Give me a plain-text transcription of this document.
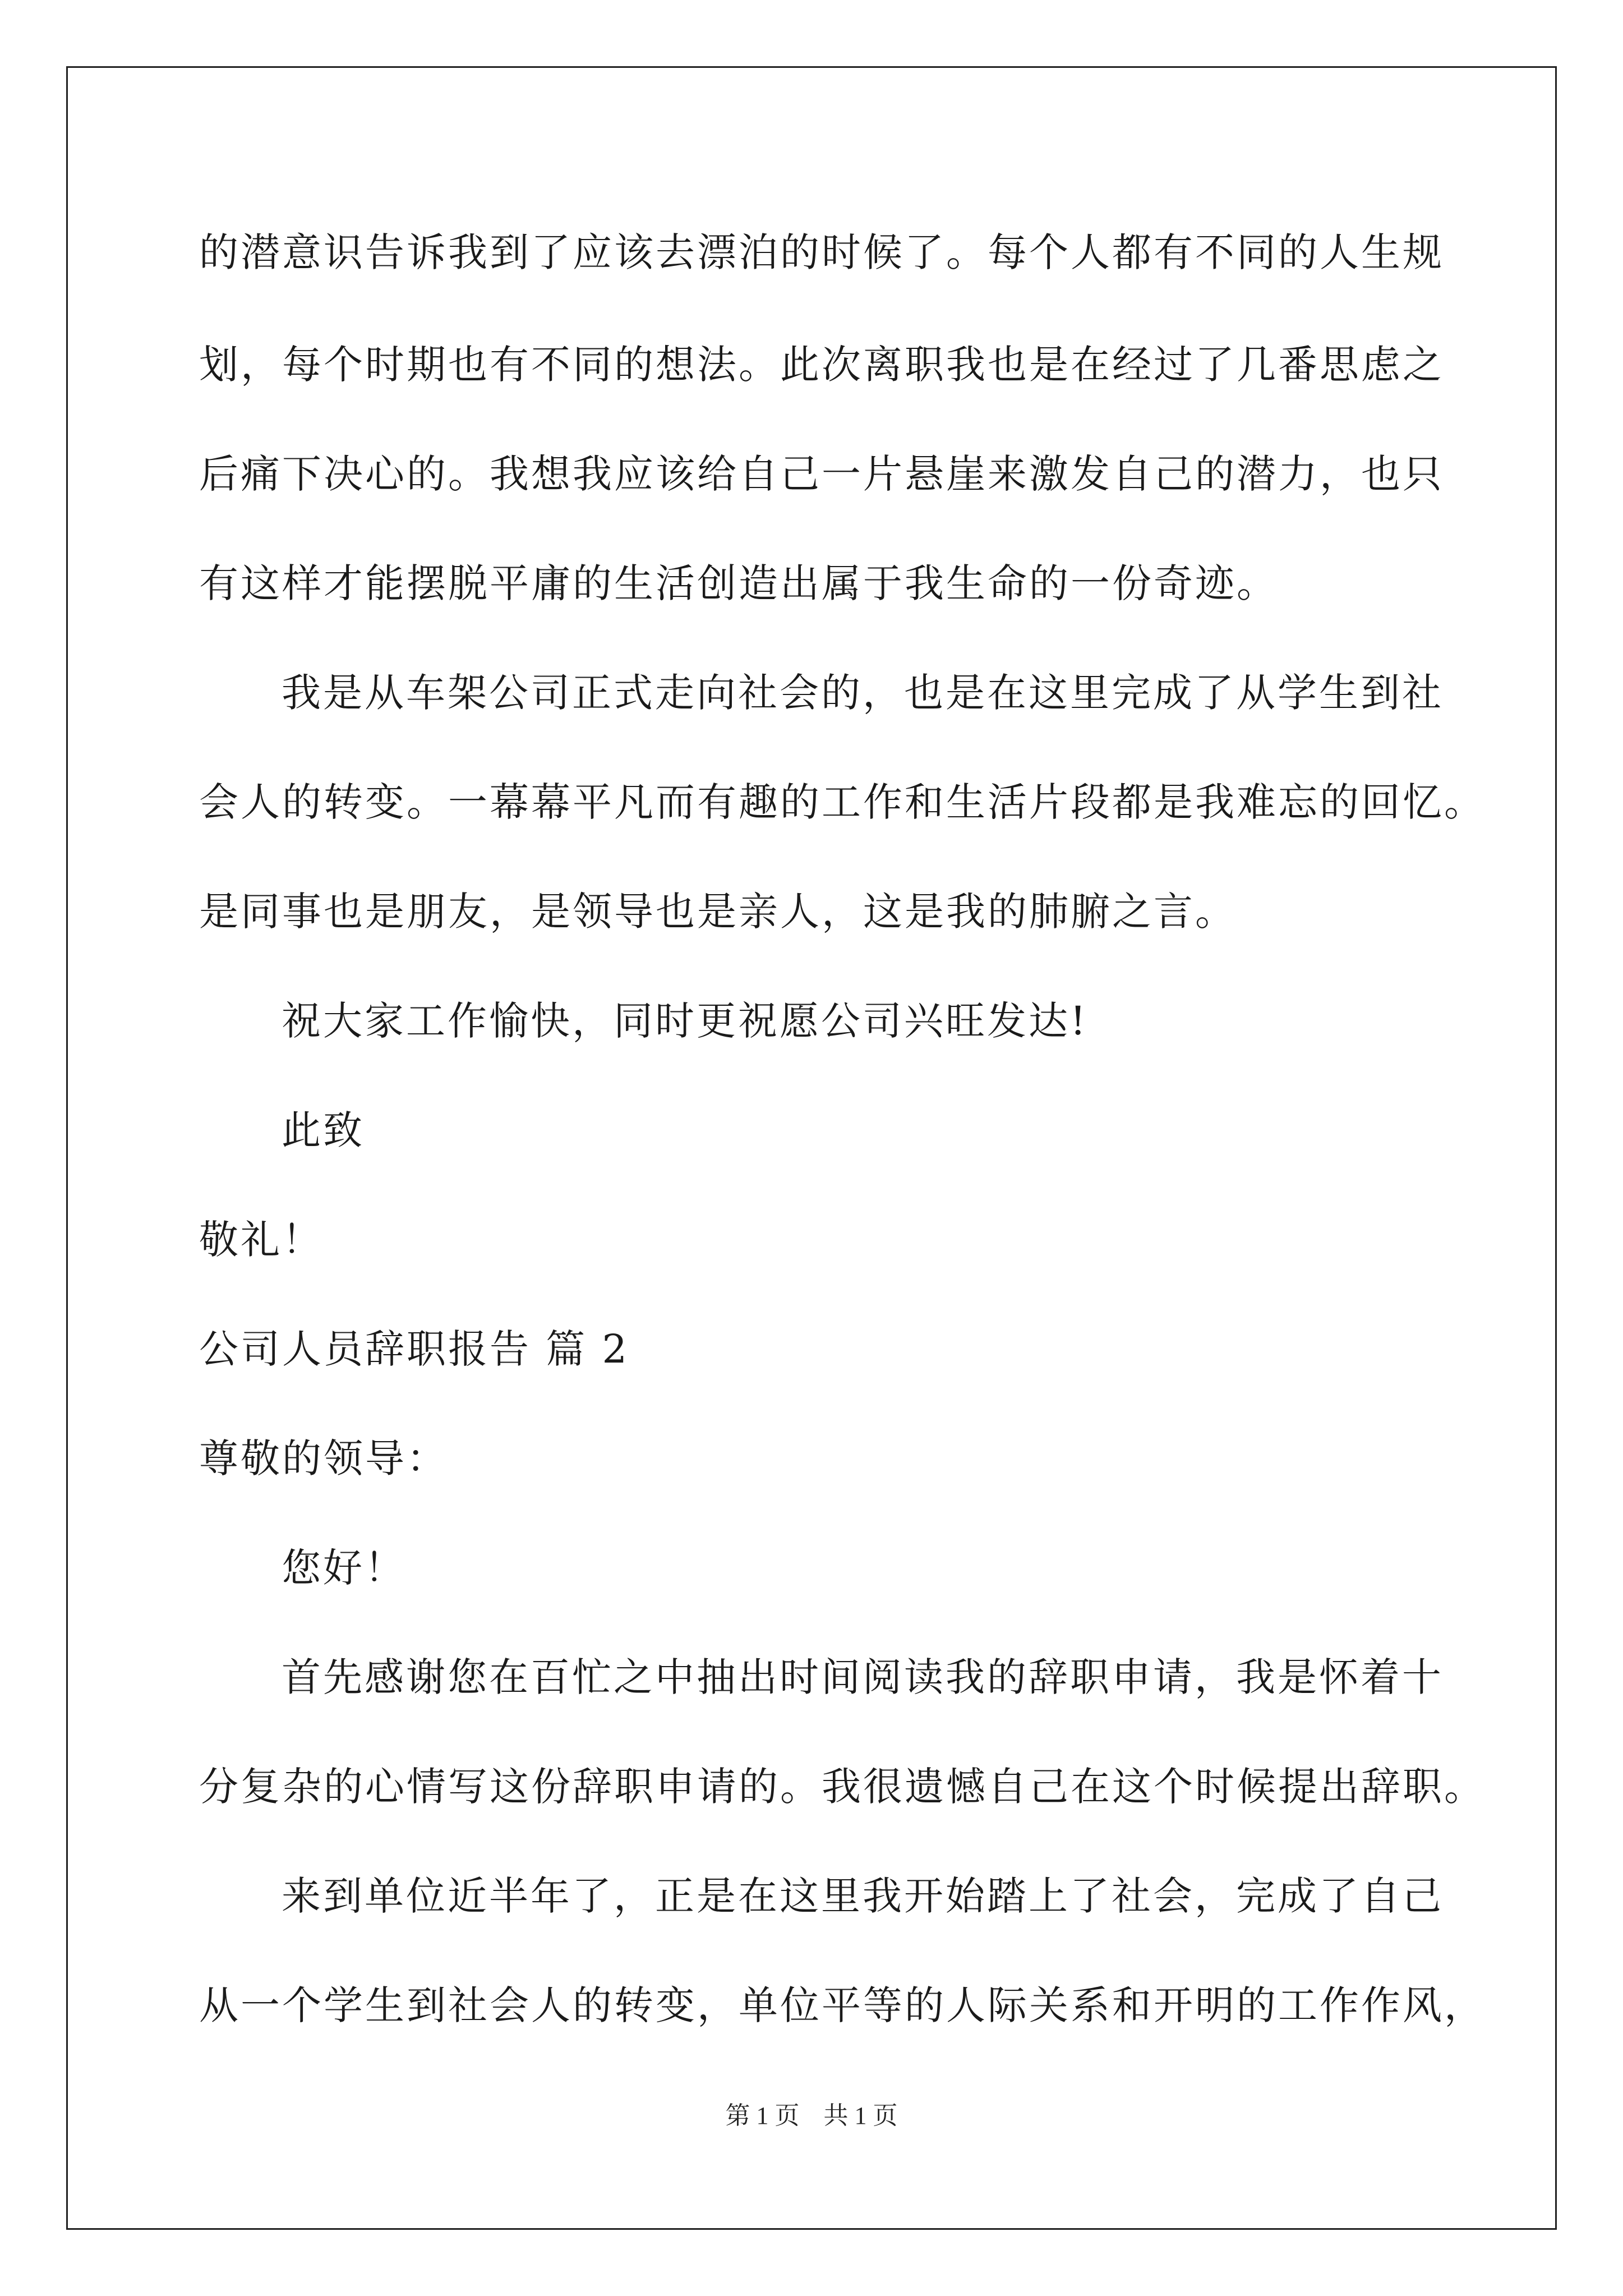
的潜意识告诉我到了应该去漂泊的时候了。每个人都有不同的人生规
划，每个时期也有不同的想法。此次离职我也是在经过了几番思虑之
后痛下决心的。我想我应该给自己一片悬崖来激发自己的潜力，也只
有这样才能摆脱平庸的生活创造出属于我生命的一份奇迹。
我是从车架公司正式走向社会的，也是在这里完成了从学生到社
会人的转变。一幕幕平凡而有趣的工作和生活片段都是我难忘的回忆。
是同事也是朋友，是领导也是亲人，这是我的肺腑之言。
祝大家工作愉快，同时更祝愿公司兴旺发达!
此致
敬礼！
公司人员辞职报告 篇 2
尊敬的领导：
您好！
首先感谢您在百忙之中抽出时间阅读我的辞职申请，我是怀着十
分复杂的心情写这份辞职申请的。我很遗憾自己在这个时候提出辞职。
来到单位近半年了，正是在这里我开始踏上了社会，完成了自己
从一个学生到社会人的转变，单位平等的人际关系和开明的工作作风，
第 1 页 共 1 页
